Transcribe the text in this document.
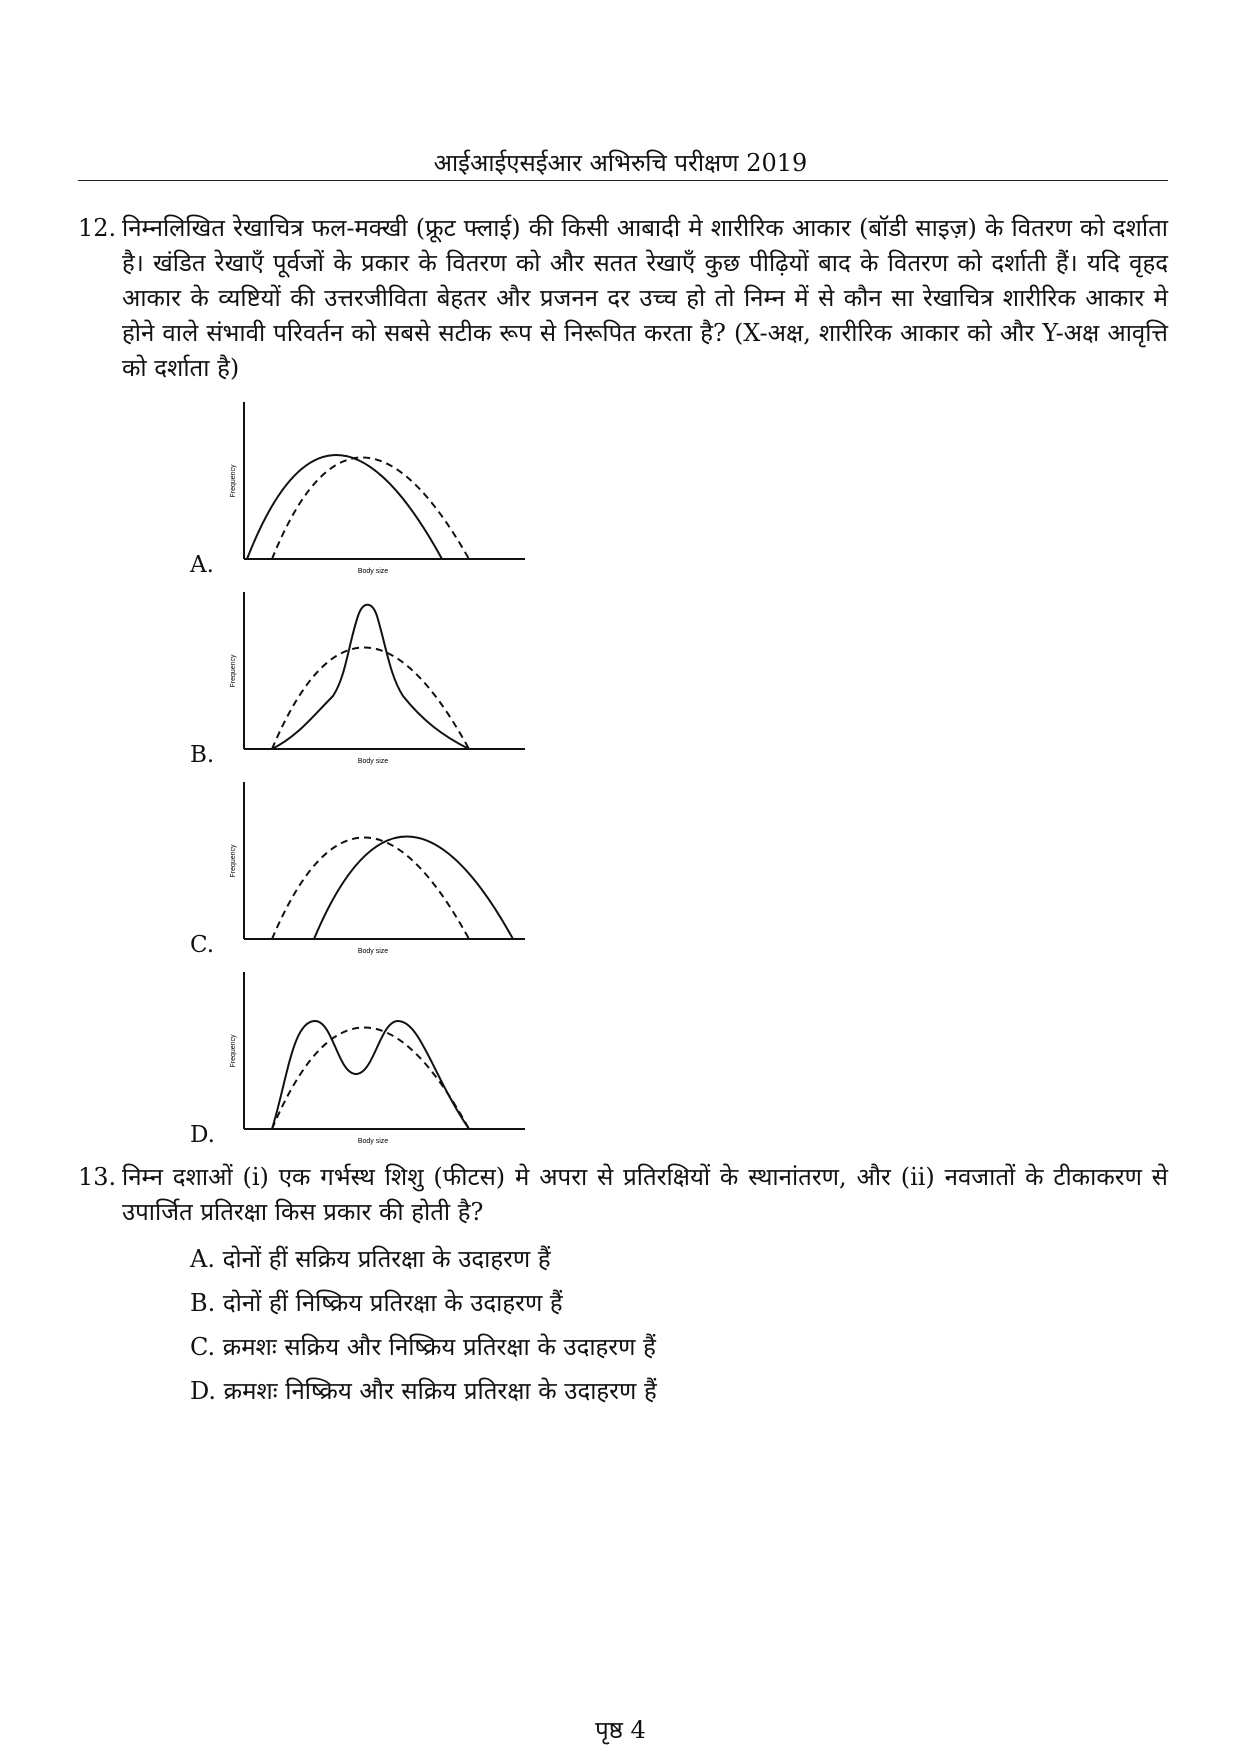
आईआईएसईआर अभिरुचि परीक्षण 2019
12. निम्नलिखित रेखाचित्र फल-मक्खी (फ्रूट फ्लाई) की किसी आबादी मे शारीरिक आकार (बॉडी साइज़) के वितरण को दर्शाता है। खंडित रेखाएँ पूर्वजों के प्रकार के वितरण को और सतत रेखाएँ कुछ पीढ़ियों बाद के वितरण को दर्शाती हैं। यदि वृहद आकार के व्यष्टियों की उत्तरजीविता बेहतर और प्रजनन दर उच्च हो तो निम्न में से कौन सा रेखाचित्र शारीरिक आकार मे होने वाले संभावी परिवर्तन को सबसे सटीक रूप से निरूपित करता है? (X-अक्ष, शारीरिक आकार को और Y-अक्ष आवृत्ति को दर्शाता है)

A.
Frequency
Body size
B.
Frequency
Body size
C.
Frequency
Body size
D.
Frequency
Body size
13. निम्न दशाओं (i) एक गर्भस्थ शिशु (फीटस) मे अपरा से प्रतिरक्षियों के स्थानांतरण, और (ii) नवजातों के टीकाकरण से उपार्जित प्रतिरक्षा किस प्रकार की होती है?

A. दोनों हीं सक्रिय प्रतिरक्षा के उदाहरण हैं
B. दोनों हीं निष्क्रिय प्रतिरक्षा के उदाहरण हैं
C. क्रमशः सक्रिय और निष्क्रिय प्रतिरक्षा के उदाहरण हैं
D. क्रमशः निष्क्रिय और सक्रिय प्रतिरक्षा के उदाहरण हैं
पृष्ठ 4
